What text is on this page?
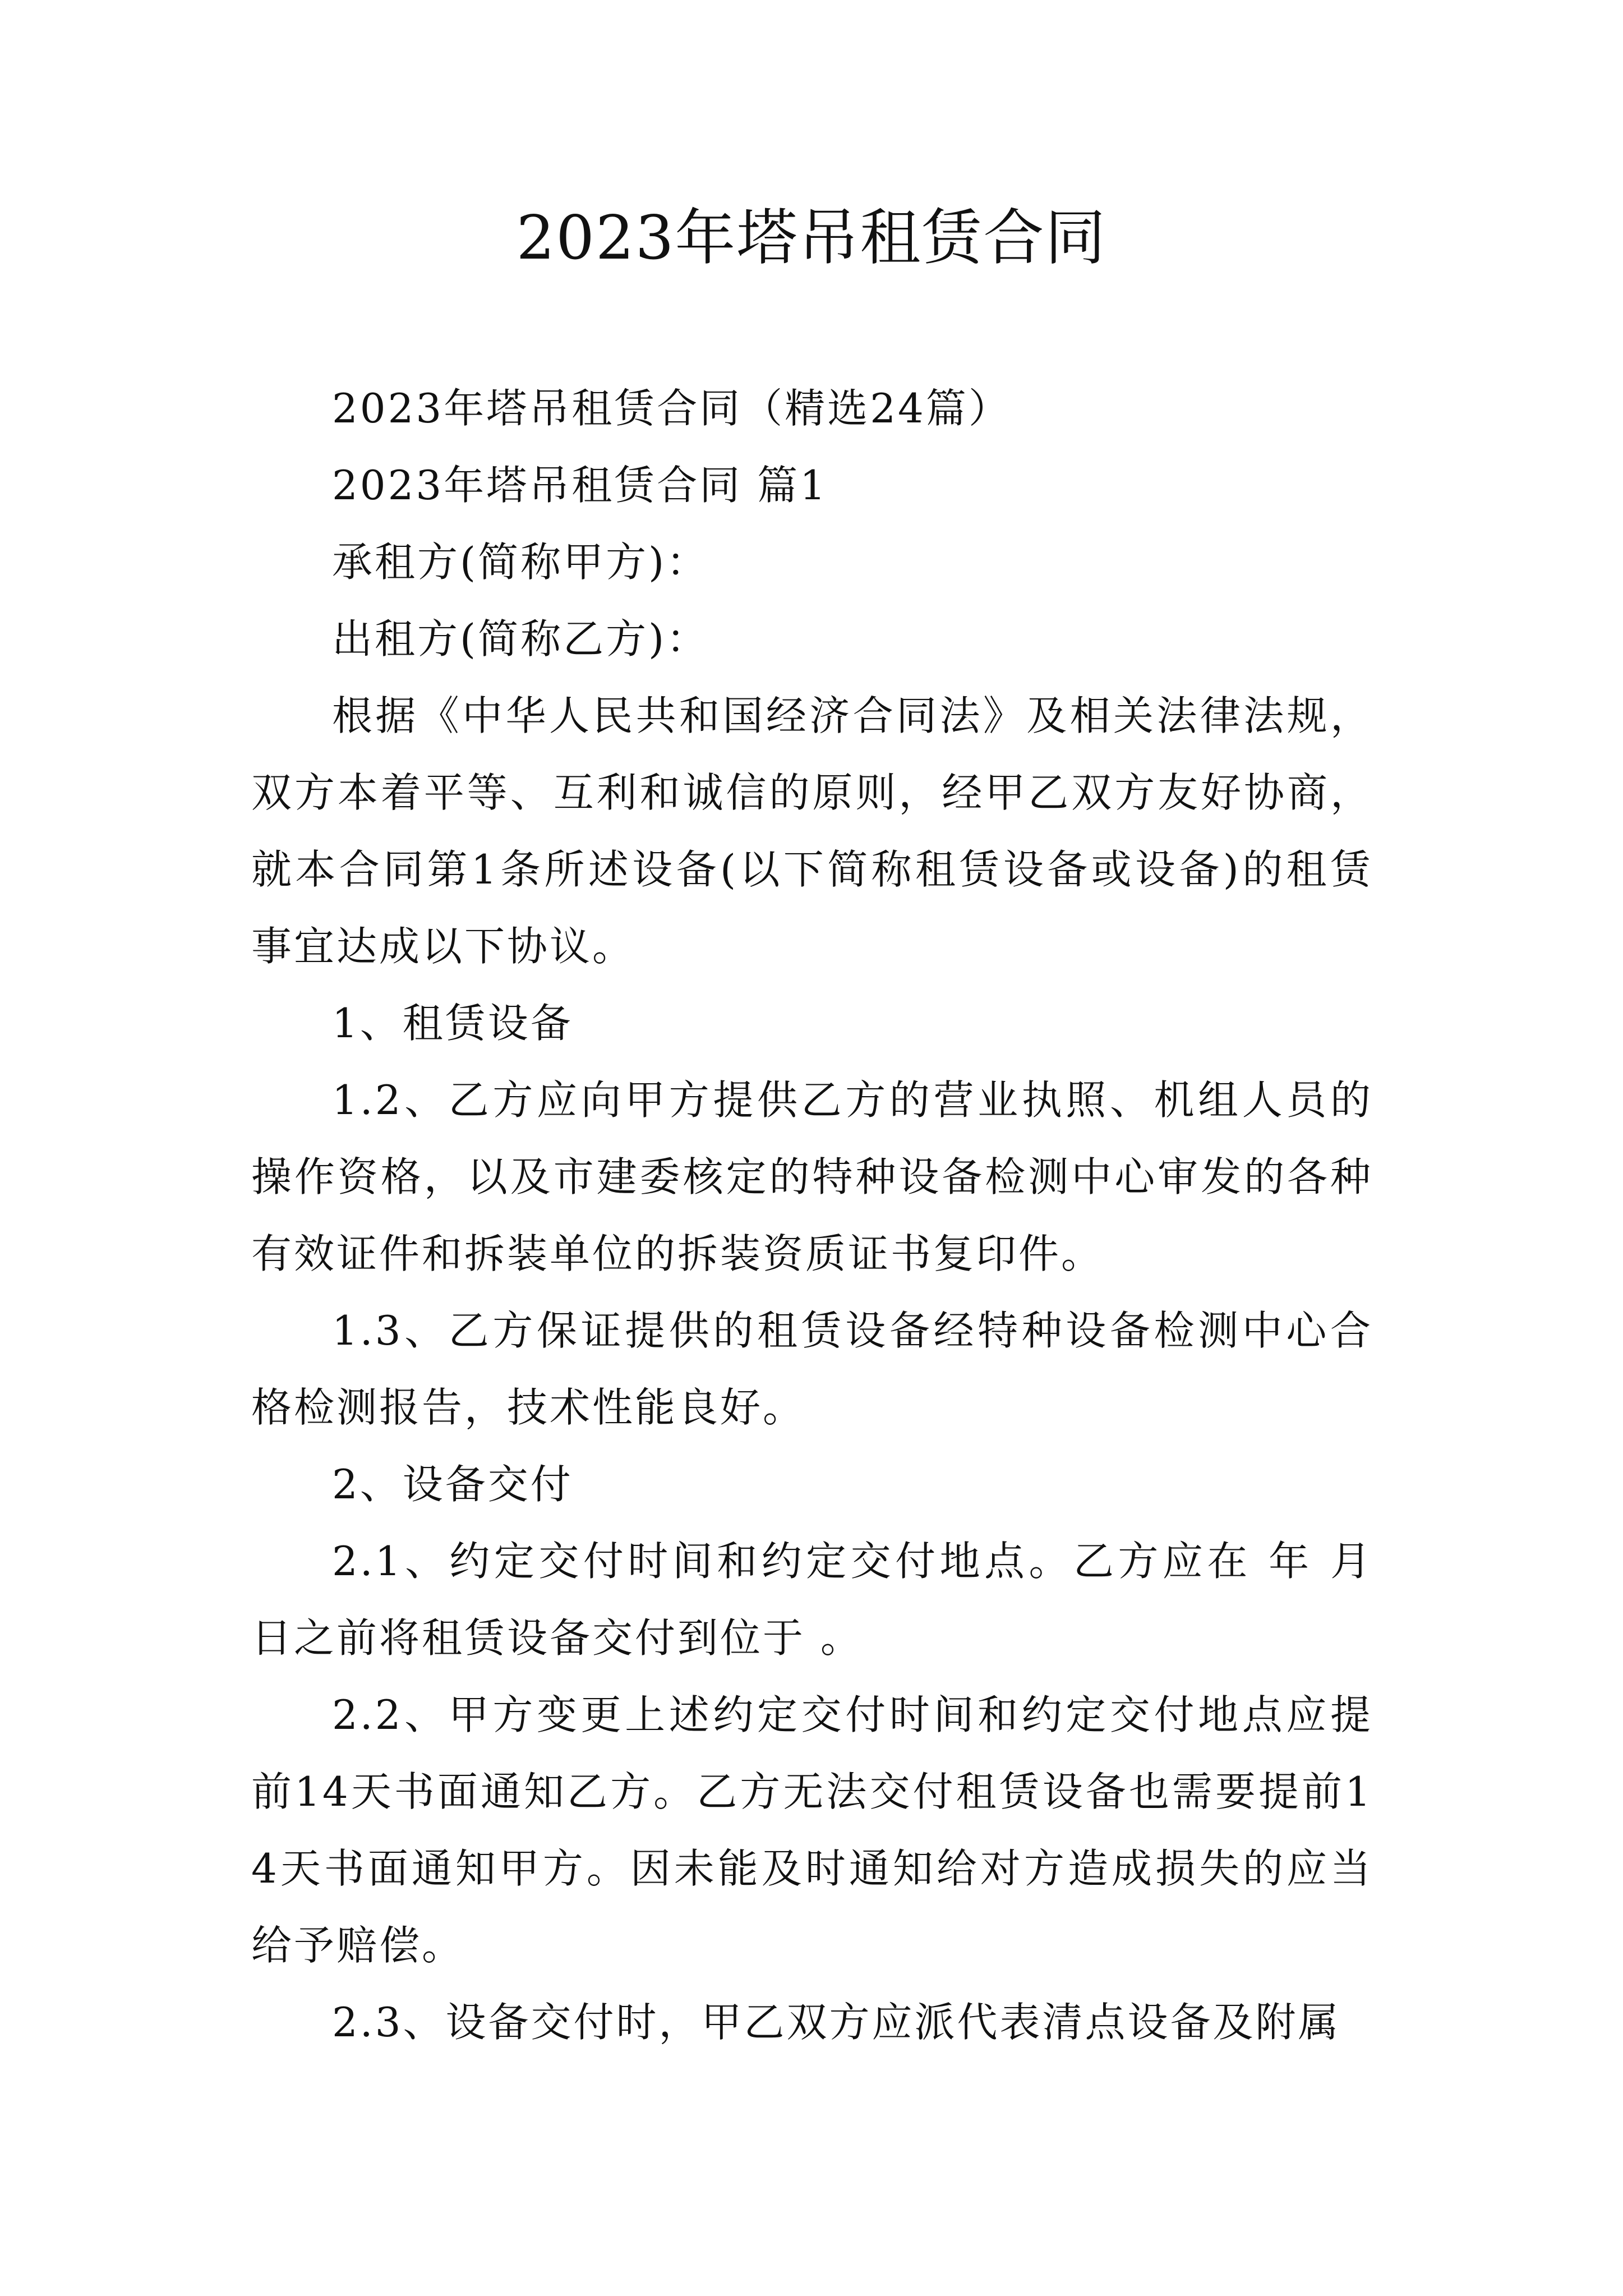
2023年塔吊租赁合同

2023年塔吊租赁合同（精选24篇）

2023年塔吊租赁合同 篇1

承租方(简称甲方)：

出租方(简称乙方)：

根据《中华人民共和国经济合同法》及相关法律法规，双方本着平等、互利和诚信的原则，经甲乙双方友好协商，就本合同第1条所述设备(以下简称租赁设备或设备)的租赁事宜达成以下协议。

1、租赁设备

1.2、乙方应向甲方提供乙方的营业执照、机组人员的操作资格，以及市建委核定的特种设备检测中心审发的各种有效证件和拆装单位的拆装资质证书复印件。

1.3、乙方保证提供的租赁设备经特种设备检测中心合格检测报告，技术性能良好。

2、设备交付

2.1、约定交付时间和约定交付地点。乙方应在 年 月 日之前将租赁设备交付到位于 。

2.2、甲方变更上述约定交付时间和约定交付地点应提前14天书面通知乙方。乙方无法交付租赁设备也需要提前14天书面通知甲方。因未能及时通知给对方造成损失的应当给予赔偿。

2.3、设备交付时，甲乙双方应派代表清点设备及附属
